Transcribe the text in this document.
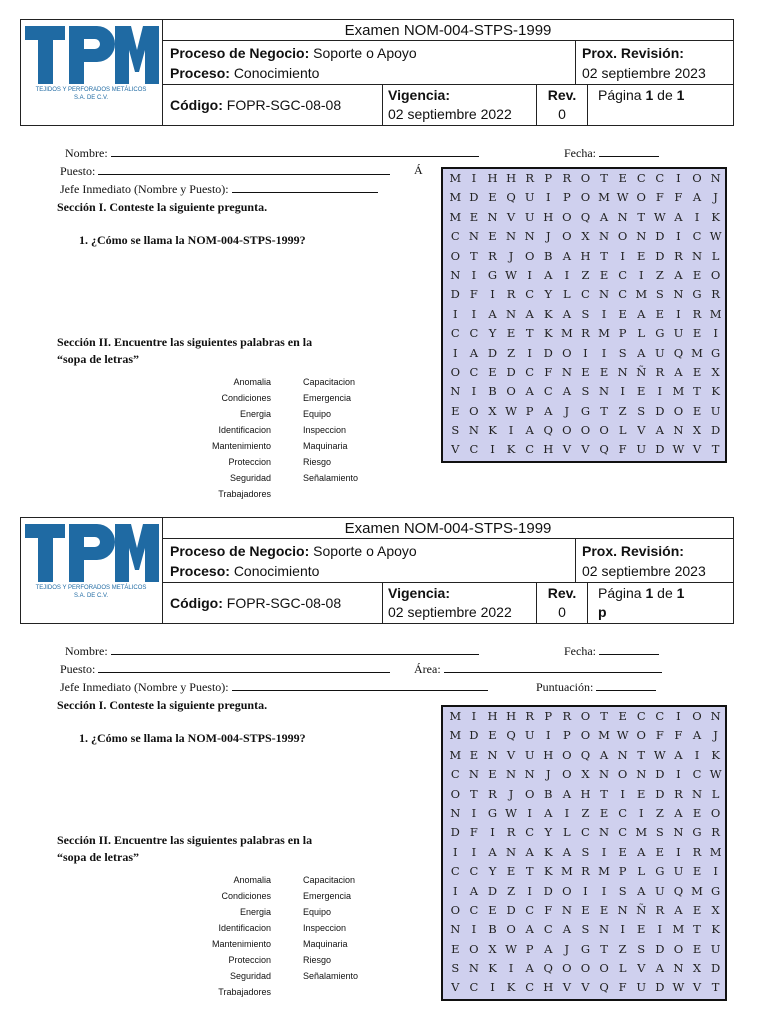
TEJIDOS Y PERFORADOS METÁLICOS
S.A. DE C.V.
Examen NOM-004-STPS-1999
Proceso de Negocio: Soporte o Apoyo
Proceso: Conocimiento
Prox. Revisión:
02 septiembre 2023
Código: FOPR-SGC-08-08
Vigencia:
02 septiembre 2022
Rev.
0
Página 1 de 1
Nombre:	Fecha:
Puesto:	Á
Jefe Inmediato (Nombre y Puesto):
Sección I. Conteste la siguiente pregunta.
1. ¿Cómo se llama la NOM-004-STPS-1999?
Sección II. Encuentre las siguientes palabras en la
“sopa de letras”
Anomalia
Condiciones
Energia
Identificacion
Mantenimiento
Proteccion
Seguridad
Trabajadores
Capacitacion
Emergencia
Equipo
Inspeccion
Maquinaria
Riesgo
Señalamiento
M I H H R P R O T E C C	I	O N
M D E Q U I	P O M W O F F A	J
M E N V U H O Q A N T W A	I	K
C N E N N J	O X N O N D	I	C W
O T R	J	O B A H T	I	E D R N L
N I	G W I	A	I	Z E C	I	Z A E O
D F	I	R C Y L C N C M S N G R
I	I	A N A K A S	I	E A E	I	R M
C C Y E T K M R M P L G U E	I
I	A D Z	I	D O	I	I	S A U Q M G
O C E D C F N E E N Ñ R A E X
N I	B O A C A S N I	E	I M T K
E O X W P A	J	G T Z S D O E U
S N K	I	A Q O O O L V A N X D
V C	I	K C H V V Q F U D W V T
TEJIDOS Y PERFORADOS METÁLICOS
S.A. DE C.V.
Examen NOM-004-STPS-1999
Proceso de Negocio: Soporte o Apoyo
Proceso: Conocimiento
Prox. Revisión:
02 septiembre 2023
Código: FOPR-SGC-08-08
Vigencia:
02 septiembre 2022
Rev.
0
Página 1 de 1
p
Nombre:	Fecha:
Puesto:	Área:
Jefe Inmediato (Nombre y Puesto):	Puntuación:
Sección I. Conteste la siguiente pregunta.
1. ¿Cómo se llama la NOM-004-STPS-1999?
Sección II. Encuentre las siguientes palabras en la
“sopa de letras”
Anomalia
Condiciones
Energia
Identificacion
Mantenimiento
Proteccion
Seguridad
Trabajadores
Capacitacion
Emergencia
Equipo
Inspeccion
Maquinaria
Riesgo
Señalamiento
M I H H R P R O T E C C	I	O N
M D E Q U I	P O M W O F F A	J
M E N V U H O Q A N T W A	I	K
C N E N N J	O X N O N D	I	C W
O T R	J	O B A H T	I	E D R N L
N I	G W I	A	I	Z E C	I	Z A E O
D F	I	R C Y L C N C M S N G R
I	I	A N A K A S	I	E A E	I	R M
C C Y E T K M R M P L G U E	I
I	A D Z	I	D O	I	I	S A U Q M G
O C E D C F N E E N Ñ R A E X
N I	B O A C A S N I	E	I M T K
E O X W P A	J	G T Z S D O E U
S N K	I	A Q O O O L V A N X D
V C	I	K C H V V Q F U D W V T
